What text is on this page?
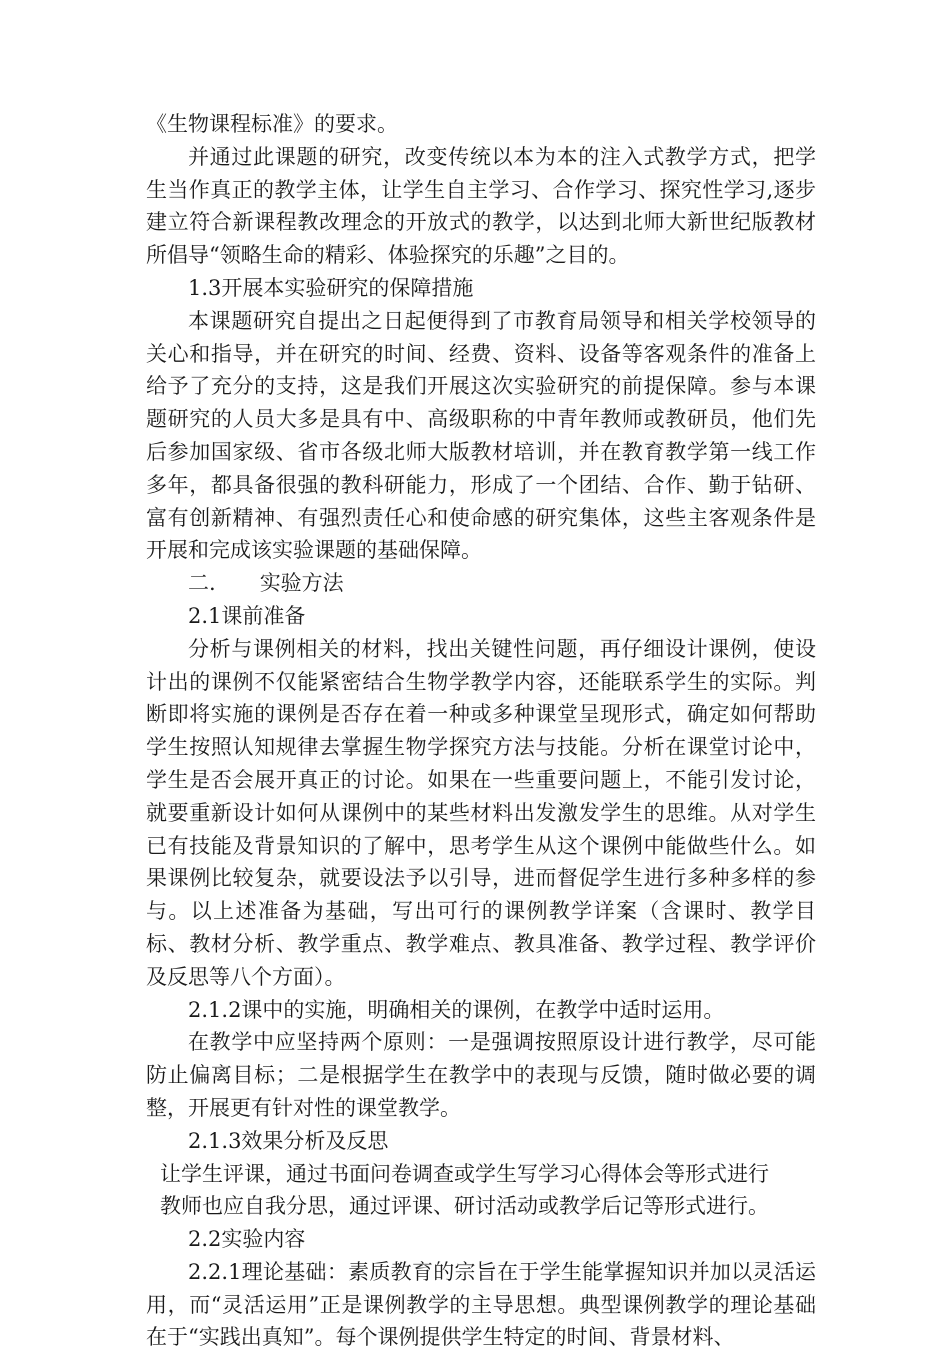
《生物课程标准》的要求。

并通过此课题的研究，改变传统以本为本的注入式教学方式，把学生当作真正的教学主体，让学生自主学习、合作学习、探究性学习,逐步建立符合新课程教改理念的开放式的教学，以达到北师大新世纪版教材所倡导“领略生命的精彩、体验探究的乐趣”之目的。

1.3开展本实验研究的保障措施

本课题研究自提出之日起便得到了市教育局领导和相关学校领导的关心和指导，并在研究的时间、经费、资料、设备等客观条件的准备上给予了充分的支持，这是我们开展这次实验研究的前提保障。参与本课题研究的人员大多是具有中、高级职称的中青年教师或教研员，他们先后参加国家级、省市各级北师大版教材培训，并在教育教学第一线工作多年，都具备很强的教科研能力，形成了一个团结、合作、勤于钻研、富有创新精神、有强烈责任心和使命感的研究集体，这些主客观条件是开展和完成该实验课题的基础保障。

二. 实验方法

2.1课前准备

分析与课例相关的材料，找出关键性问题，再仔细设计课例，使设计出的课例不仅能紧密结合生物学教学内容，还能联系学生的实际。判断即将实施的课例是否存在着一种或多种课堂呈现形式，确定如何帮助学生按照认知规律去掌握生物学探究方法与技能。分析在课堂讨论中，学生是否会展开真正的讨论。如果在一些重要问题上，不能引发讨论，就要重新设计如何从课例中的某些材料出发激发学生的思维。从对学生已有技能及背景知识的了解中，思考学生从这个课例中能做些什么。如果课例比较复杂，就要设法予以引导，进而督促学生进行多种多样的参与。以上述准备为基础，写出可行的课例教学详案（含课时、教学目标、教材分析、教学重点、教学难点、教具准备、教学过程、教学评价及反思等八个方面）。

2.1.2课中的实施，明确相关的课例，在教学中适时运用。

在教学中应坚持两个原则：一是强调按照原设计进行教学，尽可能防止偏离目标；二是根据学生在教学中的表现与反馈，随时做必要的调整，开展更有针对性的课堂教学。

2.1.3效果分析及反思

让学生评课，通过书面问卷调查或学生写学习心得体会等形式进行

教师也应自我分思，通过评课、研讨活动或教学后记等形式进行。

2.2实验内容

2.2.1理论基础：素质教育的宗旨在于学生能掌握知识并加以灵活运用，而“灵活运用”正是课例教学的主导思想。典型课例教学的理论基础在于“实践出真知”。每个课例提供学生特定的时间、背景材料、
